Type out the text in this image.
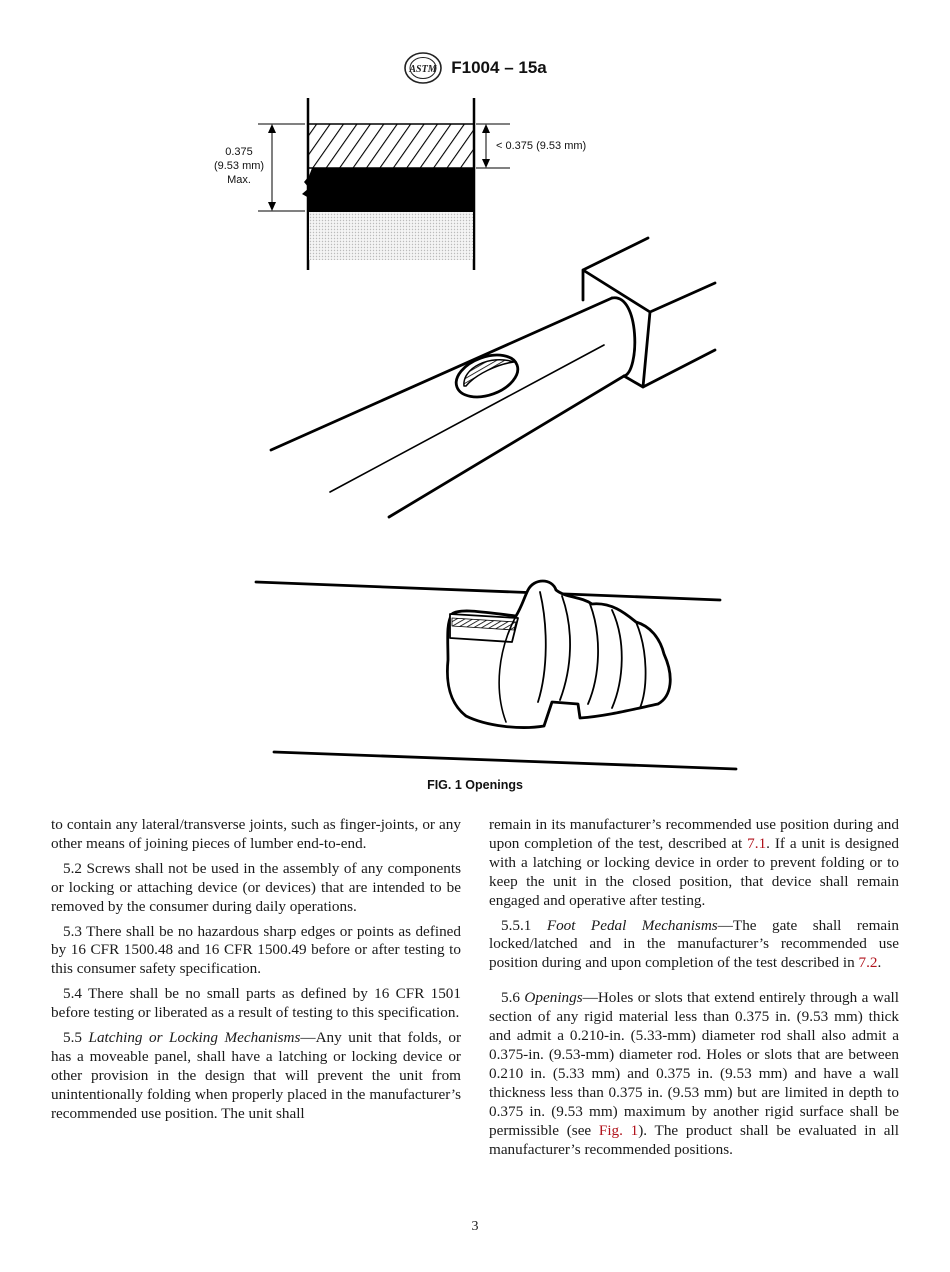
ASTM F1004 – 15a
0.375
(9.53 mm)
Max.
< 0.375 (9.53 mm)
FIG. 1 Openings

to contain any lateral/transverse joints, such as finger-joints, or any other means of joining pieces of lumber end-to-end.

5.2 Screws shall not be used in the assembly of any components or locking or attaching device (or devices) that are intended to be removed by the consumer during daily operations.

5.3 There shall be no hazardous sharp edges or points as defined by 16 CFR 1500.48 and 16 CFR 1500.49 before or after testing to this consumer safety specification.

5.4 There shall be no small parts as defined by 16 CFR 1501 before testing or liberated as a result of testing to this specification.

5.5 Latching or Locking Mechanisms—Any unit that folds, or has a moveable panel, shall have a latching or locking device or other provision in the design that will prevent the unit from unintentionally folding when properly placed in the manufacturer’s recommended use position. The unit shall

remain in its manufacturer’s recommended use position during and upon completion of the test, described at 7.1. If a unit is designed with a latching or locking device in order to prevent folding or to keep the unit in the closed position, that device shall remain engaged and operative after testing.

5.5.1 Foot Pedal Mechanisms—The gate shall remain locked/latched and in the manufacturer’s recommended use position during and upon completion of the test described in 7.2.

5.6 Openings—Holes or slots that extend entirely through a wall section of any rigid material less than 0.375 in. (9.53 mm) thick and admit a 0.210-in. (5.33-mm) diameter rod shall also admit a 0.375-in. (9.53-mm) diameter rod. Holes or slots that are between 0.210 in. (5.33 mm) and 0.375 in. (9.53 mm) and have a wall thickness less than 0.375 in. (9.53 mm) but are limited in depth to 0.375 in. (9.53 mm) maximum by another rigid surface shall be permissible (see Fig. 1). The product shall be evaluated in all manufacturer’s recommended positions.

3
